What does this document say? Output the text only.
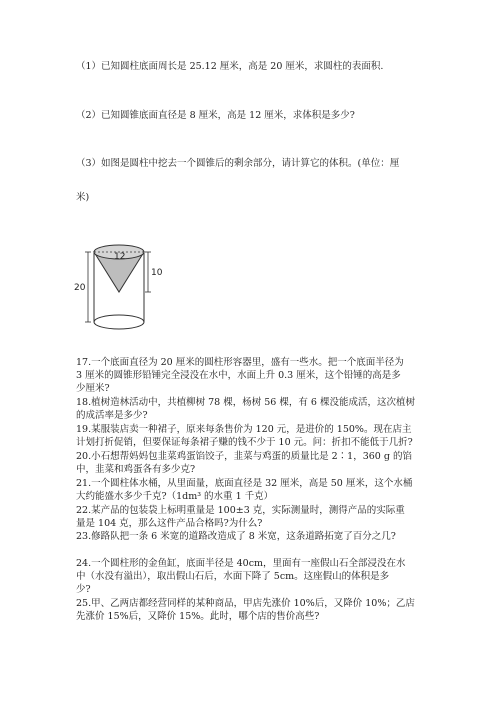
（1）已知圆柱底面周长是 25.12 厘米，高是 20 厘米，求圆柱的表面积.
（2）已知圆锥底面直径是 8 厘米，高是 12 厘米，求体积是多少?
（3）如图是圆柱中挖去一个圆锥后的剩余部分，请计算它的体积。(单位：厘
米)
12
10
20
17.一个底面直径为 20 厘米的圆柱形容器里，盛有一些水。把一个底面半径为
3 厘米的圆锥形铅锤完全浸没在水中，水面上升 0.3 厘米，这个铅锤的高是多
少厘米?
18.植树造林活动中，共植柳树 78 棵，杨树 56 棵，有 6 棵没能成活，这次植树
的成活率是多少?
19.某服装店卖一种裙子，原来每条售价为 120 元，是进价的 150%。现在店主
计划打折促销，但要保证每条裙子赚的钱不少于 10 元。问：折扣不能低于几折?
20.小石想帮妈妈包韭菜鸡蛋馅饺子，韭菜与鸡蛋的质量比是 2∶1，360 g 的馅
中，韭菜和鸡蛋各有多少克?
21.一个圆柱体水桶，从里面量，底面直径是 32 厘米，高是 50 厘米，这个水桶
大约能盛水多少千克?（1dm³ 的水重 1 千克）
22.某产品的包装袋上标明重量是 100±3 克，实际测量时，测得产品的实际重
量是 104 克，那么这件产品合格吗?为什么?
23.修路队把一条 6 米宽的道路改造成了 8 米宽，这条道路拓宽了百分之几?
24.一个圆柱形的金鱼缸，底面半径是 40cm，里面有一座假山石全部浸没在水
中（水没有溢出），取出假山石后，水面下降了 5cm。这座假山的体积是多
少?
25.甲、乙两店都经营同样的某种商品，甲店先涨价 10%后，又降价 10%；乙店
先涨价 15%后，又降价 15%。此时，哪个店的售价高些?
